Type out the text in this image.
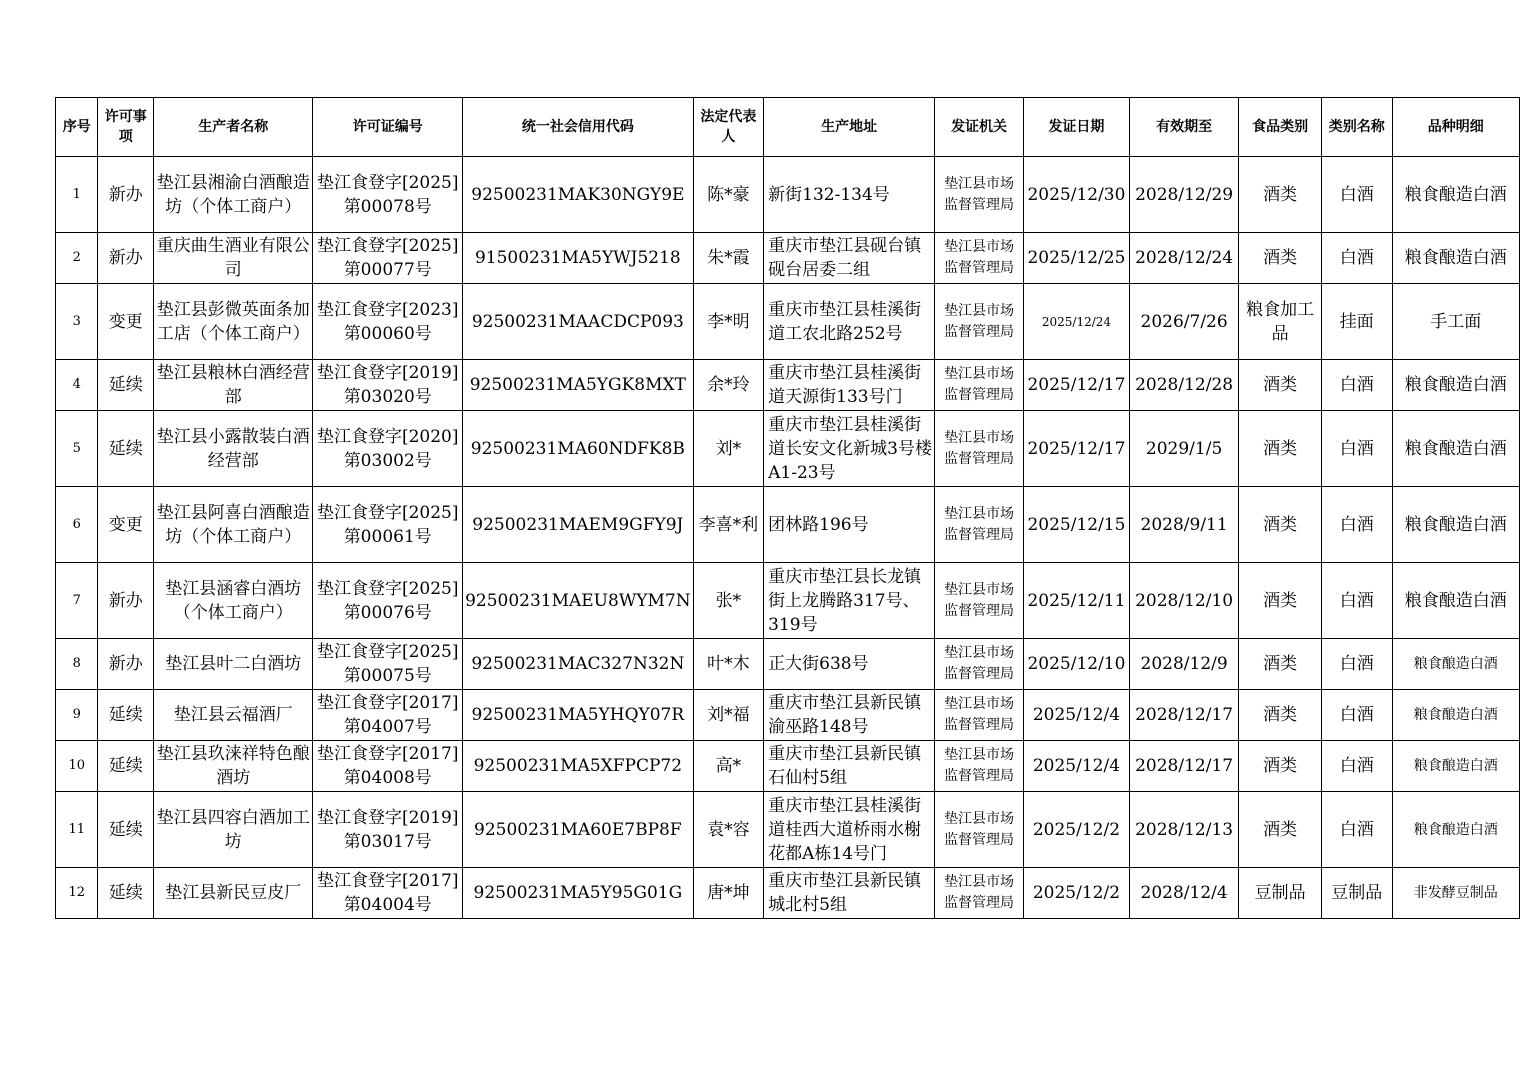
序号	许可事项	生产者名称	许可证编号	统一社会信用代码	法定代表人	生产地址	发证机关	发证日期	有效期至	食品类别	类别名称	品种明细
1	新办	垫江县湘渝白酒酿造坊（个体工商户）	垫江食登字[2025]第00078号	92500231MAK30NGY9E	陈*豪	新街132-134号	垫江县市场监督管理局	2025/12/30	2028/12/29	酒类	白酒	粮食酿造白酒
2	新办	重庆曲生酒业有限公司	垫江食登字[2025]第00077号	91500231MA5YWJ5218	朱*霞	重庆市垫江县砚台镇砚台居委二组	垫江县市场监督管理局	2025/12/25	2028/12/24	酒类	白酒	粮食酿造白酒
3	变更	垫江县彭微英面条加工店（个体工商户）	垫江食登字[2023]第00060号	92500231MAACDCP093	李*明	重庆市垫江县桂溪街道工农北路252号	垫江县市场监督管理局	2025/12/24	2026/7/26	粮食加工品	挂面	手工面
4	延续	垫江县粮林白酒经营部	垫江食登字[2019]第03020号	92500231MA5YGK8MXT	余*玲	重庆市垫江县桂溪街道天源街133号门	垫江县市场监督管理局	2025/12/17	2028/12/28	酒类	白酒	粮食酿造白酒
5	延续	垫江县小露散装白酒经营部	垫江食登字[2020]第03002号	92500231MA60NDFK8B	刘*	重庆市垫江县桂溪街道长安文化新城3号楼A1-23号	垫江县市场监督管理局	2025/12/17	2029/1/5	酒类	白酒	粮食酿造白酒
6	变更	垫江县阿喜白酒酿造坊（个体工商户）	垫江食登字[2025]第00061号	92500231MAEM9GFY9J	李喜*利	团林路196号	垫江县市场监督管理局	2025/12/15	2028/9/11	酒类	白酒	粮食酿造白酒
7	新办	垫江县涵睿白酒坊（个体工商户）	垫江食登字[2025]第00076号	92500231MAEU8WYM7N	张*	重庆市垫江县长龙镇街上龙腾路317号、319号	垫江县市场监督管理局	2025/12/11	2028/12/10	酒类	白酒	粮食酿造白酒
8	新办	垫江县叶二白酒坊	垫江食登字[2025]第00075号	92500231MAC327N32N	叶*木	正大街638号	垫江县市场监督管理局	2025/12/10	2028/12/9	酒类	白酒	粮食酿造白酒
9	延续	垫江县云福酒厂	垫江食登字[2017]第04007号	92500231MA5YHQY07R	刘*福	重庆市垫江县新民镇渝巫路148号	垫江县市场监督管理局	2025/12/4	2028/12/17	酒类	白酒	粮食酿造白酒
10	延续	垫江县玖涞祥特色酿酒坊	垫江食登字[2017]第04008号	92500231MA5XFPCP72	高*	重庆市垫江县新民镇石仙村5组	垫江县市场监督管理局	2025/12/4	2028/12/17	酒类	白酒	粮食酿造白酒
11	延续	垫江县四容白酒加工坊	垫江食登字[2019]第03017号	92500231MA60E7BP8F	袁*容	重庆市垫江县桂溪街道桂西大道桥雨水榭花都A栋14号门	垫江县市场监督管理局	2025/12/2	2028/12/13	酒类	白酒	粮食酿造白酒
12	延续	垫江县新民豆皮厂	垫江食登字[2017]第04004号	92500231MA5Y95G01G	唐*坤	重庆市垫江县新民镇城北村5组	垫江县市场监督管理局	2025/12/2	2028/12/4	豆制品	豆制品	非发酵豆制品
